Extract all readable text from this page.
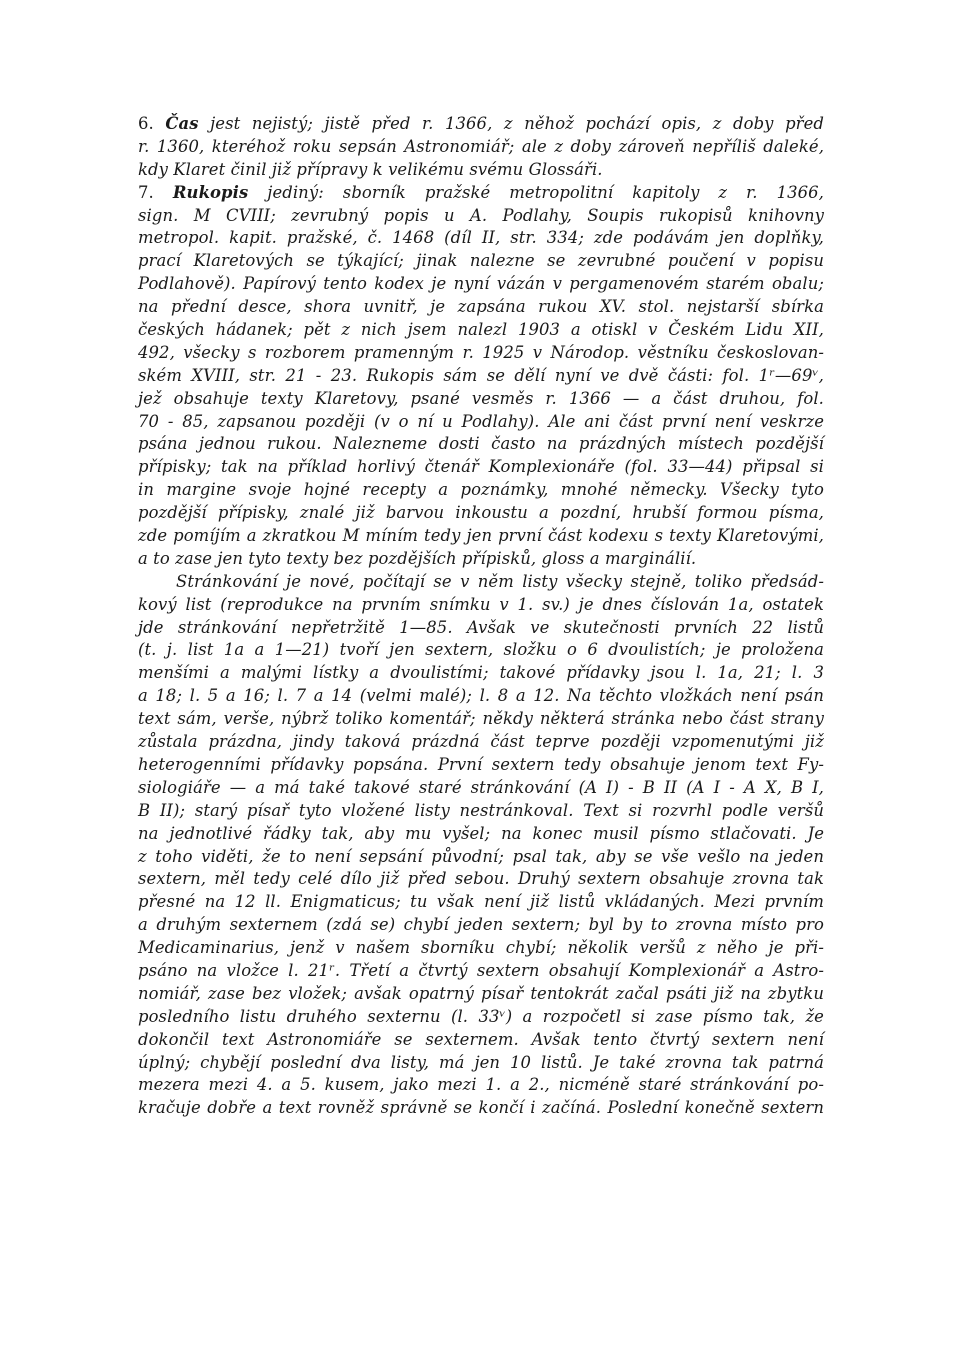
6. Čas jest nejistý; jistě před r. 1366, z něhož pochází opis, z doby před
r. 1360, kteréhož roku sepsán Astronomiář; ale z doby zároveň nepříliš daleké,
kdy Klaret činil již přípravy k velikému svému Glossáři.
7. Rukopis jediný: sborník pražské metropolitní kapitoly z r. 1366,
sign. M CVIII; zevrubný popis u A. Podlahy, Soupis rukopisů knihovny
metropol. kapit. pražské, č. 1468 (díl II, str. 334; zde podávám jen doplňky,
prací Klaretových se týkající; jinak nalezne se zevrubné poučení v popisu
Podlahově). Papírový tento kodex je nyní vázán v pergamenovém starém obalu;
na přední desce, shora uvnitř, je zapsána rukou XV. stol. nejstarší sbírka
českých hádanek; pět z nich jsem nalezl 1903 a otiskl v Českém Lidu XII,
492, všecky s rozborem pramenným r. 1925 v Národop. věstníku českoslovan-
ském XVIII, str. 21 - 23. Rukopis sám se dělí nyní ve dvě části: fol. 1ʳ—69ᵛ,
jež obsahuje texty Klaretovy, psané vesměs r. 1366 — a část druhou, fol.
70 - 85, zapsanou později (v o ní u Podlahy). Ale ani část první není veskrze
psána jednou rukou. Nalezneme dosti často na prázdných místech pozdější
přípisky; tak na příklad horlivý čtenář Komplexionáře (fol. 33—44) připsal si
in margine svoje hojné recepty a poznámky, mnohé německy. Všecky tyto
pozdější přípisky, znalé již barvou inkoustu a pozdní, hrubší formou písma,
zde pomíjím a zkratkou M míním tedy jen první část kodexu s texty Klaretovými,
a to zase jen tyto texty bez pozdějších přípisků, gloss a marginálií.
Stránkování je nové, počítají se v něm listy všecky stejně, toliko předsád-
kový list (reprodukce na prvním snímku v 1. sv.) je dnes číslován 1a, ostatek
jde stránkování nepřetržitě 1—85. Avšak ve skutečnosti prvních 22 listů
(t. j. list 1a a 1—21) tvoří jen sextern, složku o 6 dvoulistích; je proložena
menšími a malými lístky a dvoulistími; takové přídavky jsou l. 1a, 21; l. 3
a 18; l. 5 a 16; l. 7 a 14 (velmi malé); l. 8 a 12. Na těchto vložkách není psán
text sám, verše, nýbrž toliko komentář; někdy některá stránka nebo část strany
zůstala prázdna, jindy taková prázdná část teprve později vzpomenutými již
heterogenními přídavky popsána. První sextern tedy obsahuje jenom text Fy-
siologiáře — a má také takové staré stránkování (A I) - B II (A I - A X, B I,
B II); starý písař tyto vložené listy nestránkoval. Text si rozvrhl podle veršů
na jednotlivé řádky tak, aby mu vyšel; na konec musil písmo stlačovati. Je
z toho viděti, že to není sepsání původní; psal tak, aby se vše vešlo na jeden
sextern, měl tedy celé dílo již před sebou. Druhý sextern obsahuje zrovna tak
přesné na 12 ll. Enigmaticus; tu však není již listů vkládaných. Mezi prvním
a druhým sexternem (zdá se) chybí jeden sextern; byl by to zrovna místo pro
Medicaminarius, jenž v našem sborníku chybí; několik veršů z něho je při-
psáno na vložce l. 21ʳ. Třetí a čtvrtý sextern obsahují Komplexionář a Astro-
nomiář, zase bez vložek; avšak opatrný písař tentokrát začal psáti již na zbytku
posledního listu druhého sexternu (l. 33ᵛ) a rozpočetl si zase písmo tak, že
dokončil text Astronomiáře se sexternem. Avšak tento čtvrtý sextern není
úplný; chybějí poslední dva listy, má jen 10 listů. Je také zrovna tak patrná
mezera mezi 4. a 5. kusem, jako mezi 1. a 2., nicméně staré stránkování po-
kračuje dobře a text rovněž správně se končí i začíná. Poslední konečně sextern
